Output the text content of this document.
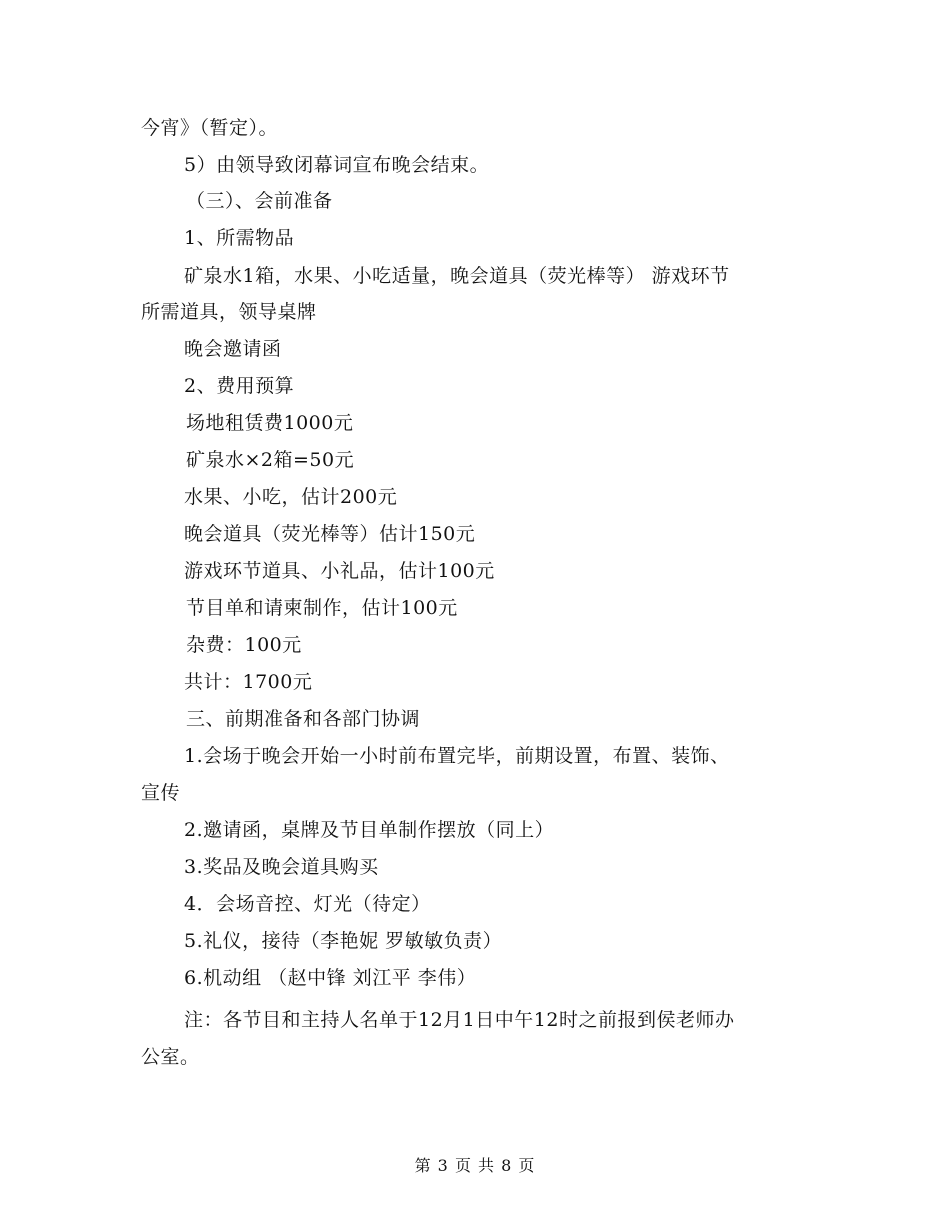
今宵》（暂定）。
5）由领导致闭幕词宣布晚会结束。
（三）、会前准备
1、所需物品
矿泉水1箱，水果、小吃适量，晚会道具（荧光棒等） 游戏环节
所需道具，领导桌牌
晚会邀请函
2、费用预算
场地租赁费1000元
矿泉水×2箱=50元
水果、小吃，估计200元
晚会道具（荧光棒等）估计150元
游戏环节道具、小礼品，估计100元
节目单和请柬制作，估计100元
杂费：100元
共计：1700元
三、前期准备和各部门协调
1.会场于晚会开始一小时前布置完毕，前期设置，布置、装饰、
宣传
2.邀请函，桌牌及节目单制作摆放（同上）
3.奖品及晚会道具购买
4．会场音控、灯光（待定）
5.礼仪，接待（李艳妮 罗敏敏负责）
6.机动组 （赵中锋 刘江平 李伟）
注：各节目和主持人名单于12月1日中午12时之前报到侯老师办
公室。
第 3 页 共 8 页
